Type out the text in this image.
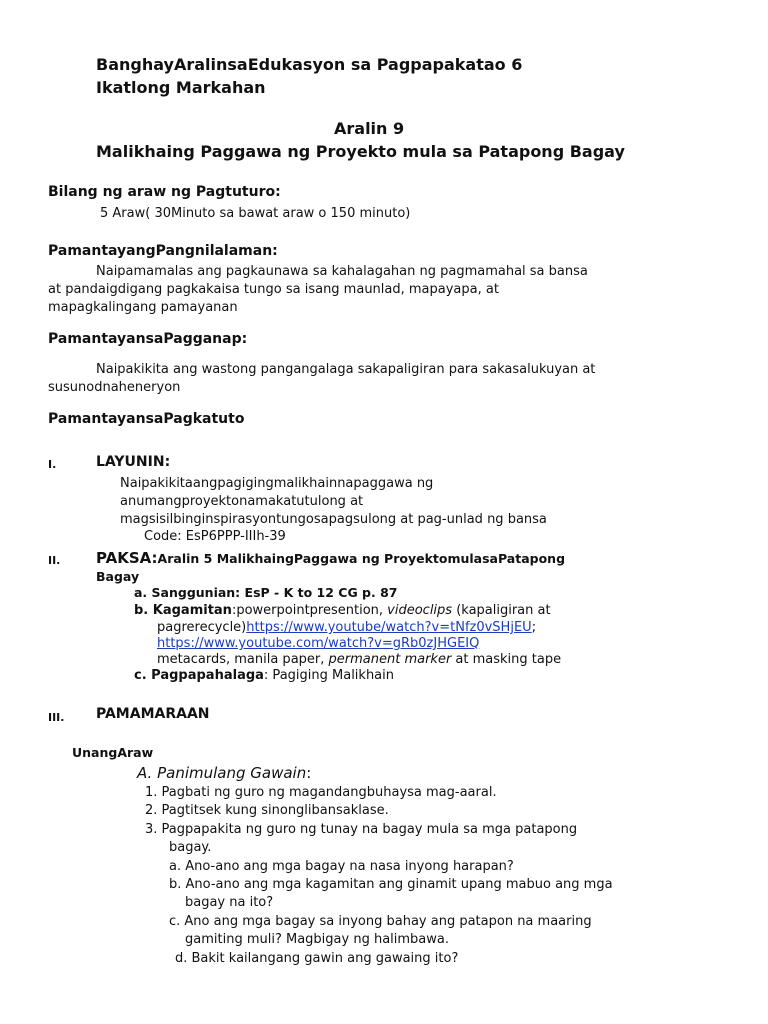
BanghayAralinsaEdukasyon sa Pagpapakatao 6
Ikatlong Markahan
Aralin 9
Malikhaing Paggawa ng Proyekto mula sa Patapong Bagay
Bilang ng araw ng Pagtuturo:
5 Araw( 30Minuto sa bawat araw o 150 minuto)
PamantayangPangnilalaman:
Naipamamalas ang pagkaunawa sa kahalagahan ng pagmamahal sa bansa
at pandaigdigang pagkakaisa tungo sa isang maunlad, mapayapa, at
mapagkalingang pamayanan
PamantayansaPagganap:
Naipakikita ang wastong pangangalaga sakapaligiran para sakasalukuyan at
susunodnaheneryon
PamantayansaPagkatuto
I.	LAYUNIN:
Naipakikitaangpagigingmalikhainnapaggawa ng
anumangproyektonamakatutulong at
magsisilbinginspirasyontungosapagsulong at pag-unlad ng bansa
Code: EsP6PPP-IIIh-39
II. PAKSA:Aralin 5 MalikhaingPaggawa ng ProyektomulasaPatapong
Bagay
a. Sanggunian: EsP - K to 12 CG p. 87
b. Kagamitan:powerpointpresention, videoclips (kapaligiran at
pagrerecycle)https://www.youtube/watch?v=tNfz0vSHjEU;
https://www.youtube.com/watch?v=gRb0zJHGEIQ
metacards, manila paper, permanent marker at masking tape
c. Pagpapahalaga: Pagiging Malikhain
III. PAMAMARAAN
UnangAraw
A. Panimulang Gawain:
1. Pagbati ng guro ng magandangbuhaysa mag-aaral.
2. Pagtitsek kung sinonglibansaklase.
3. Pagpapakita ng guro ng tunay na bagay mula sa mga patapong
bagay.
a. Ano-ano ang mga bagay na nasa inyong harapan?
b. Ano-ano ang mga kagamitan ang ginamit upang mabuo ang mga
bagay na ito?
c. Ano ang mga bagay sa inyong bahay ang patapon na maaring
gamiting muli? Magbigay ng halimbawa.
d. Bakit kailangang gawin ang gawaing ito?
